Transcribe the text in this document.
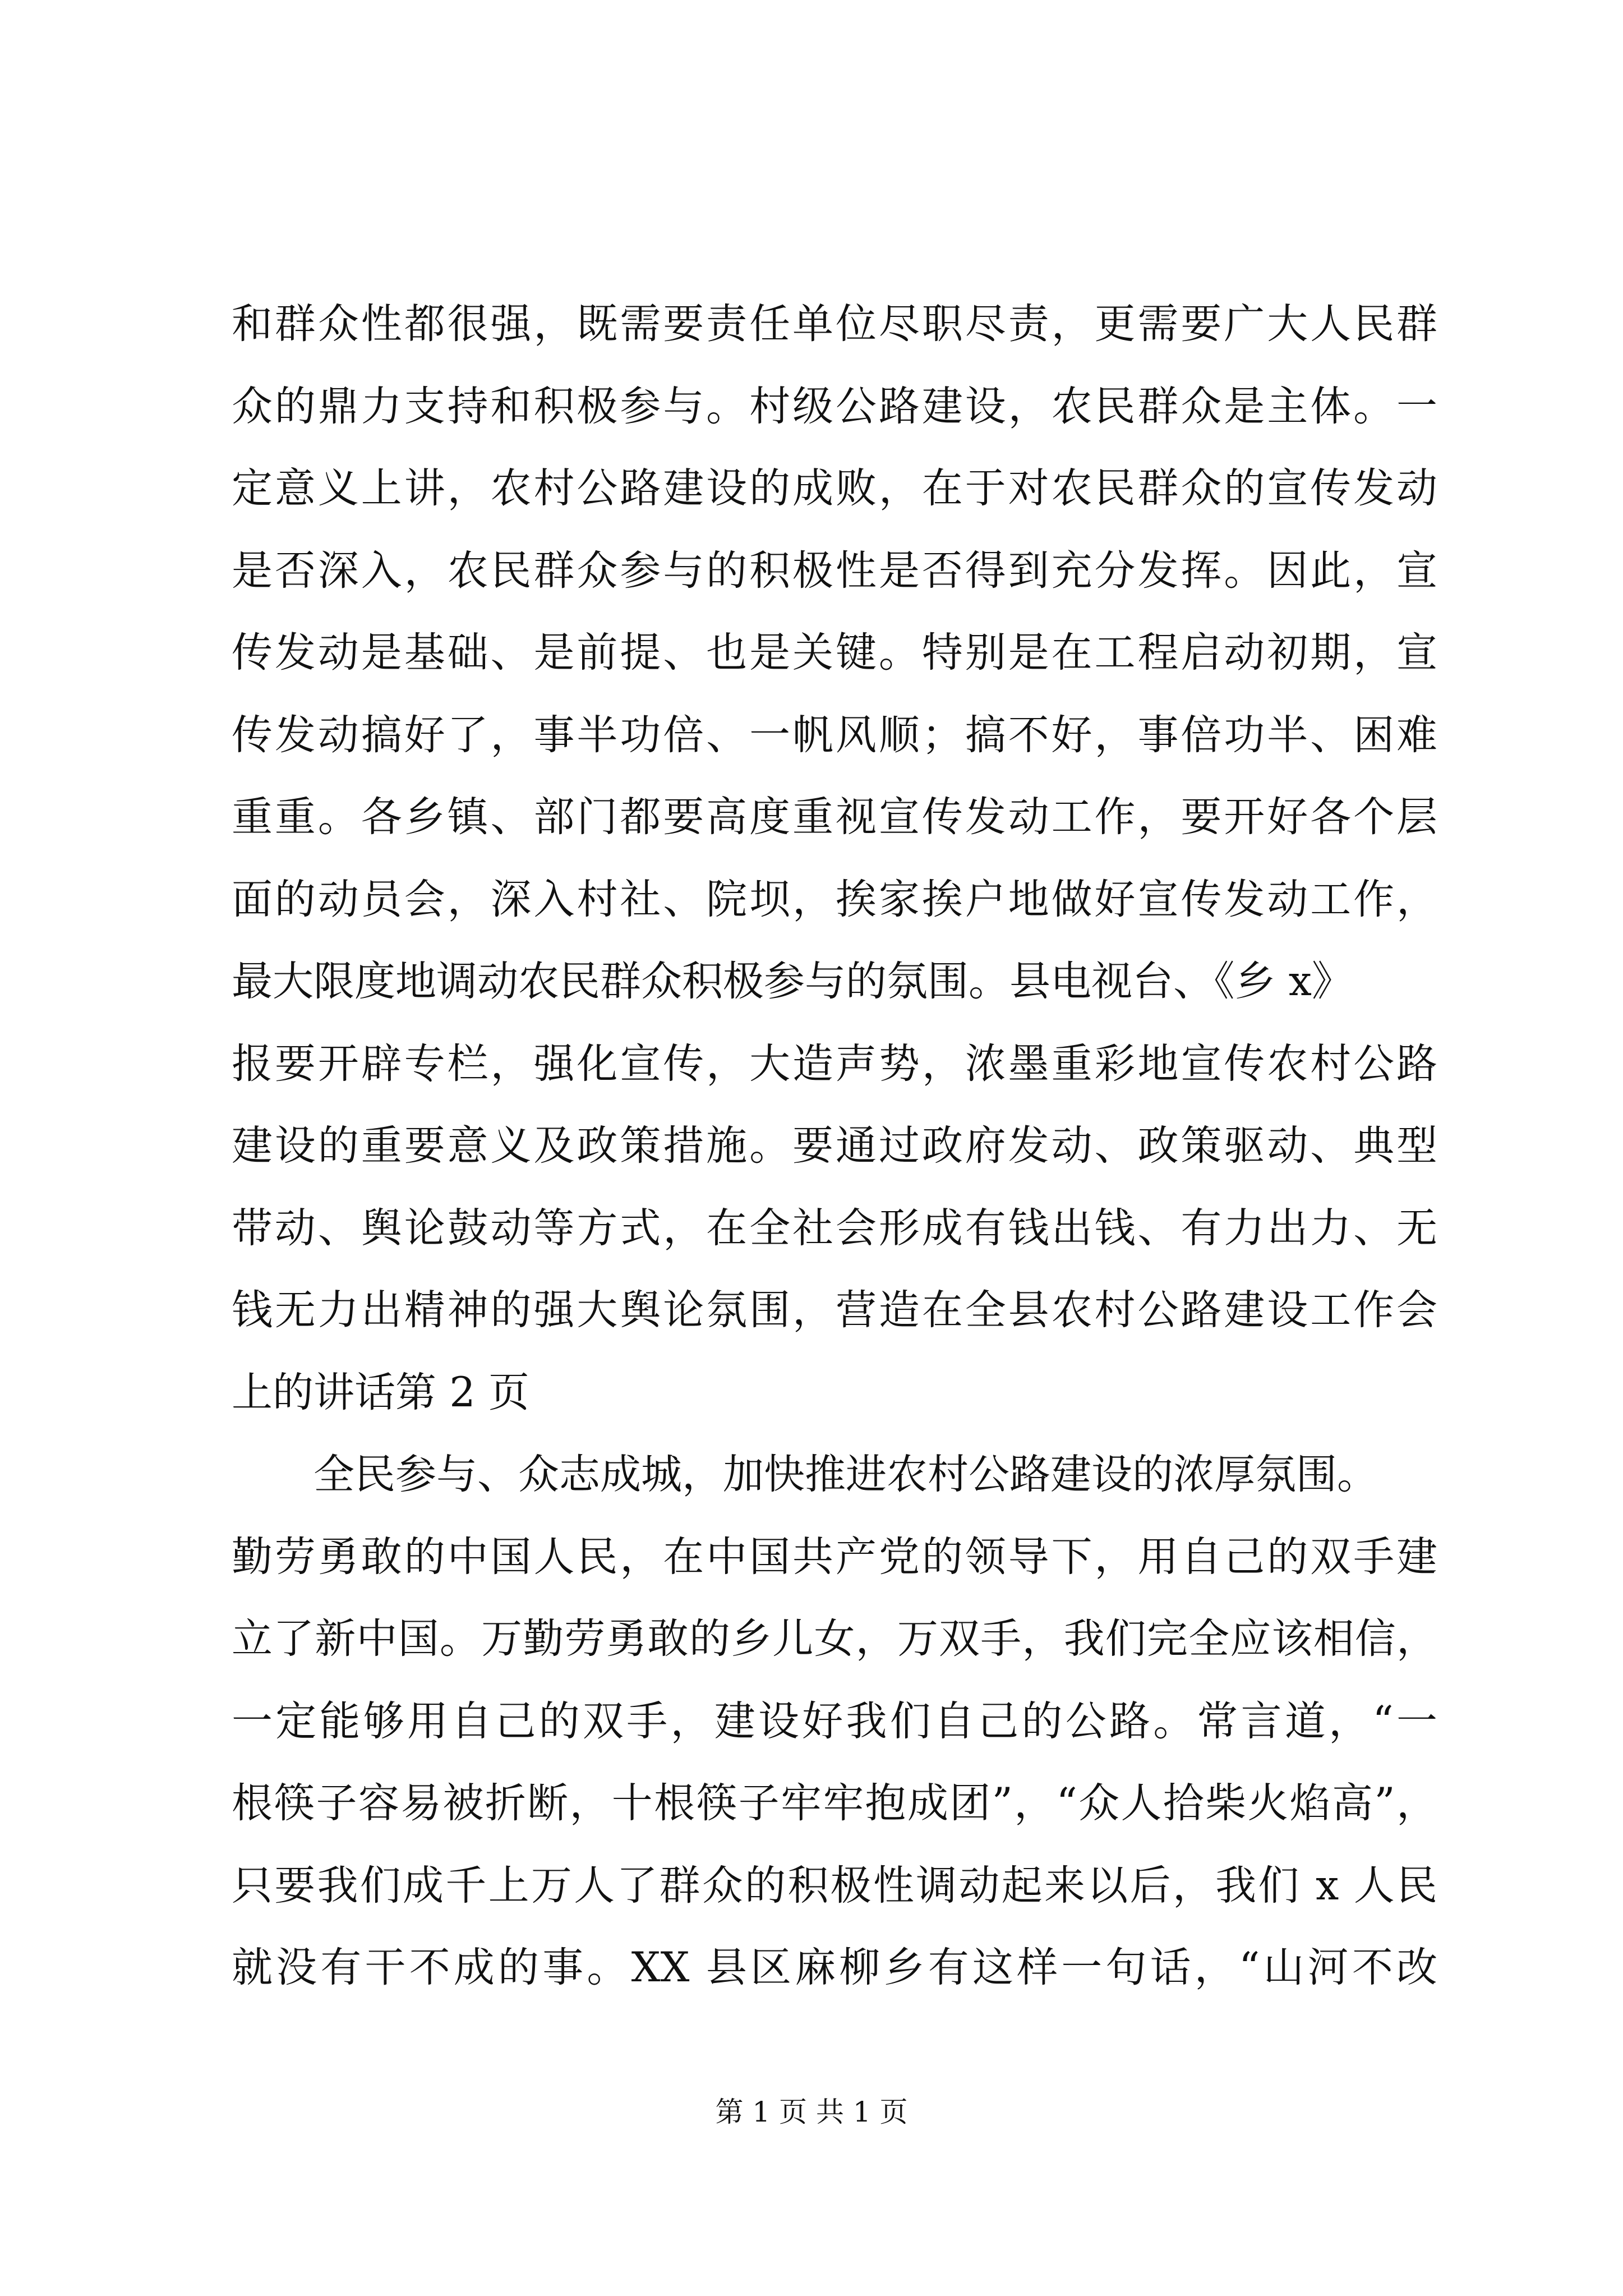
和群众性都很强，既需要责任单位尽职尽责，更需要广大人民群
众的鼎力支持和积极参与。村级公路建设，农民群众是主体。一
定意义上讲，农村公路建设的成败，在于对农民群众的宣传发动
是否深入，农民群众参与的积极性是否得到充分发挥。因此，宣
传发动是基础、是前提、也是关键。特别是在工程启动初期，宣
传发动搞好了，事半功倍、一帆风顺；搞不好，事倍功半、困难
重重。各乡镇、部门都要高度重视宣传发动工作，要开好各个层
面的动员会，深入村社、院坝，挨家挨户地做好宣传发动工作，
最大限度地调动农民群众积极参与的氛围。县电视台、《乡 x》
报要开辟专栏，强化宣传，大造声势，浓墨重彩地宣传农村公路
建设的重要意义及政策措施。要通过政府发动、政策驱动、典型
带动、舆论鼓动等方式，在全社会形成有钱出钱、有力出力、无
钱无力出精神的强大舆论氛围，营造在全县农村公路建设工作会
上的讲话第 2 页
全民参与、众志成城，加快推进农村公路建设的浓厚氛围。
勤劳勇敢的中国人民，在中国共产党的领导下，用自己的双手建
立了新中国。万勤劳勇敢的乡儿女，万双手，我们完全应该相信，
一定能够用自己的双手，建设好我们自己的公路。常言道，“一
根筷子容易被折断，十根筷子牢牢抱成团”，“众人拾柴火焰高”，
只要我们成千上万人了群众的积极性调动起来以后，我们 x 人民
就没有干不成的事。XX 县区麻柳乡有这样一句话，“山河不改
第 1 页 共 1 页
